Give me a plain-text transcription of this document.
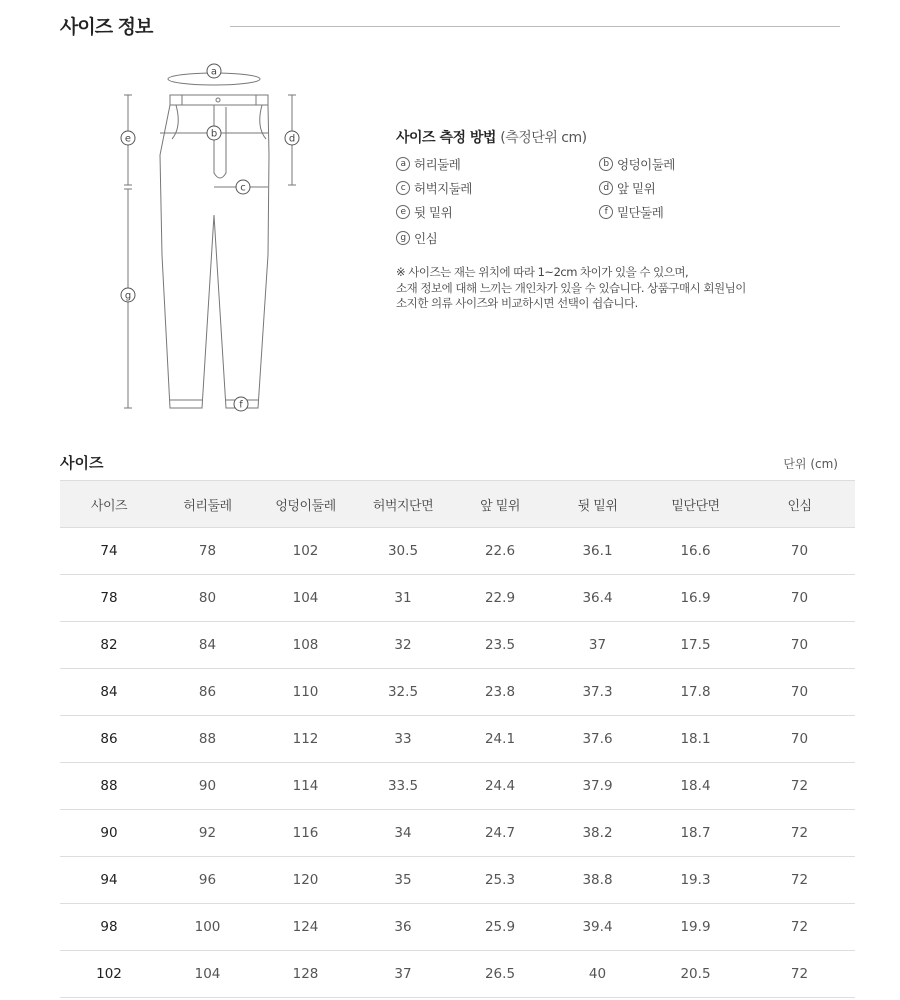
사이즈 정보
a
b
c
d
e
f
g
사이즈 측정 방법 (측정단위 cm)
a 허리둘레	b 엉덩이둘레
c 허벅지둘레	d 앞 밑위
e 뒷 밑위	f 밑단둘레
g 인심
※ 사이즈는 재는 위치에 따라 1~2cm 차이가 있을 수 있으며,
소재 정보에 대해 느끼는 개인차가 있을 수 있습니다. 상품구매시 회원님이
소지한 의류 사이즈와 비교하시면 선택이 쉽습니다.
사이즈	단위 (cm)
사이즈	허리둘레	엉덩이둘레	허벅지단면	앞 밑위	뒷 밑위	밑단단면	인심
74	78	102	30.5	22.6	36.1	16.6	70
78	80	104	31	22.9	36.4	16.9	70
82	84	108	32	23.5	37	17.5	70
84	86	110	32.5	23.8	37.3	17.8	70
86	88	112	33	24.1	37.6	18.1	70
88	90	114	33.5	24.4	37.9	18.4	72
90	92	116	34	24.7	38.2	18.7	72
94	96	120	35	25.3	38.8	19.3	72
98	100	124	36	25.9	39.4	19.9	72
102	104	128	37	26.5	40	20.5	72
